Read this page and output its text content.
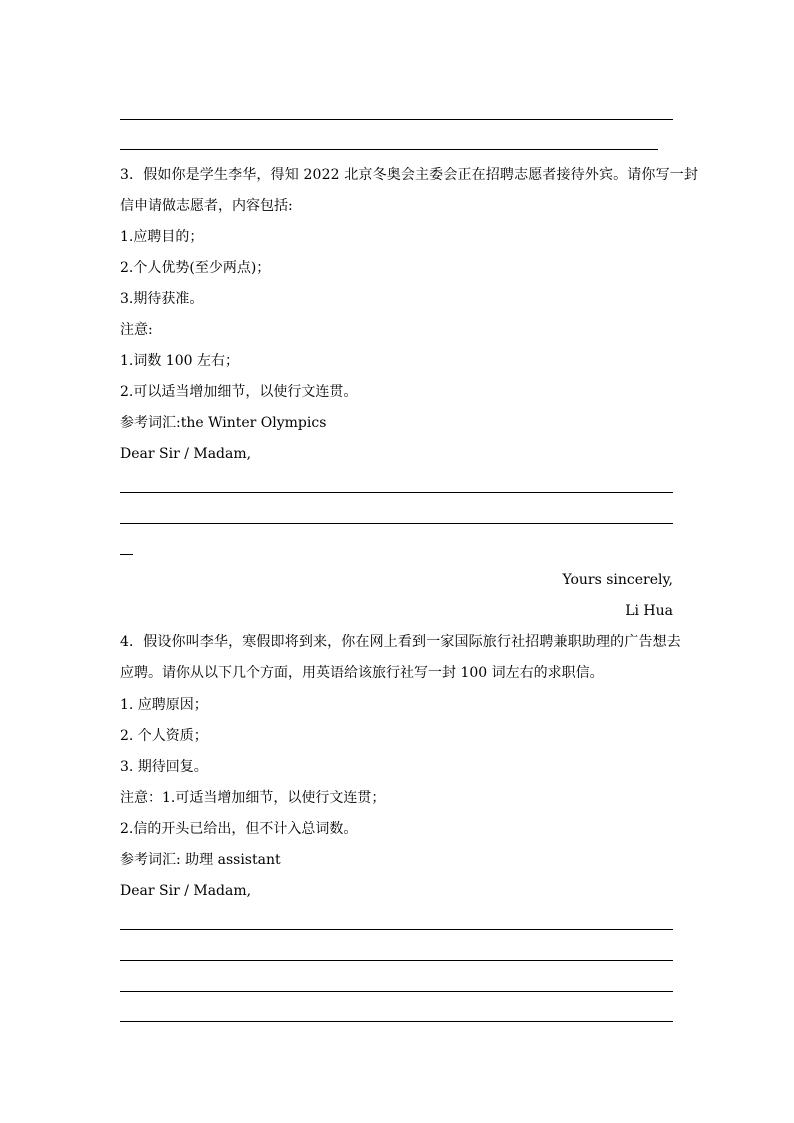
3．假如你是学生李华，得知 2022 北京冬奥会主委会正在招聘志愿者接待外宾。请你写一封
信申请做志愿者，内容包括:
1.应聘目的；
2.个人优势(至少两点)；
3.期待获准。
注意:
1.词数 100 左右；
2.可以适当增加细节，以使行文连贯。
参考词汇:the Winter Olympics
Dear Sir / Madam,
Yours sincerely,
Li Hua
4．假设你叫李华，寒假即将到来，你在网上看到一家国际旅行社招聘兼职助理的广告想去
应聘。请你从以下几个方面，用英语给该旅行社写一封 100 词左右的求职信。
1. 应聘原因；
2. 个人资质；
3. 期待回复。
注意：1.可适当增加细节，以使行文连贯；
2.信的开头已给出，但不计入总词数。
参考词汇: 助理 assistant
Dear Sir / Madam,
